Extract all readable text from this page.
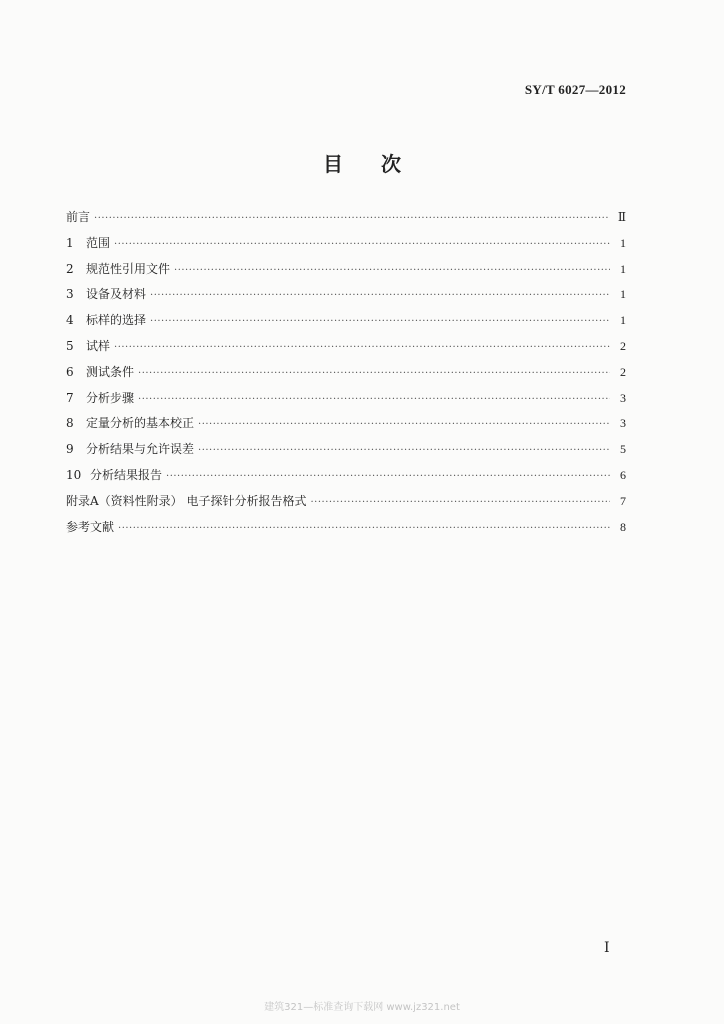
SY/T 6027—2012
目 次
前言 ·····	Ⅱ
1 范围 ·····	1
2 规范性引用文件 ·····	1
3 设备及材料 ·····	1
4 标样的选择 ·····	1
5 试样 ·····	2
6 测试条件 ·····	2
7 分析步骤 ·····	3
8 定量分析的基本校正 ·····	3
9 分析结果与允许误差 ·····	5
10 分析结果报告 ·····	6
附录A（资料性附录） 电子探针分析报告格式 ·····	7
参考文献 ·····	8
Ⅰ
建筑321—标准查询下载网 www.jz321.net
